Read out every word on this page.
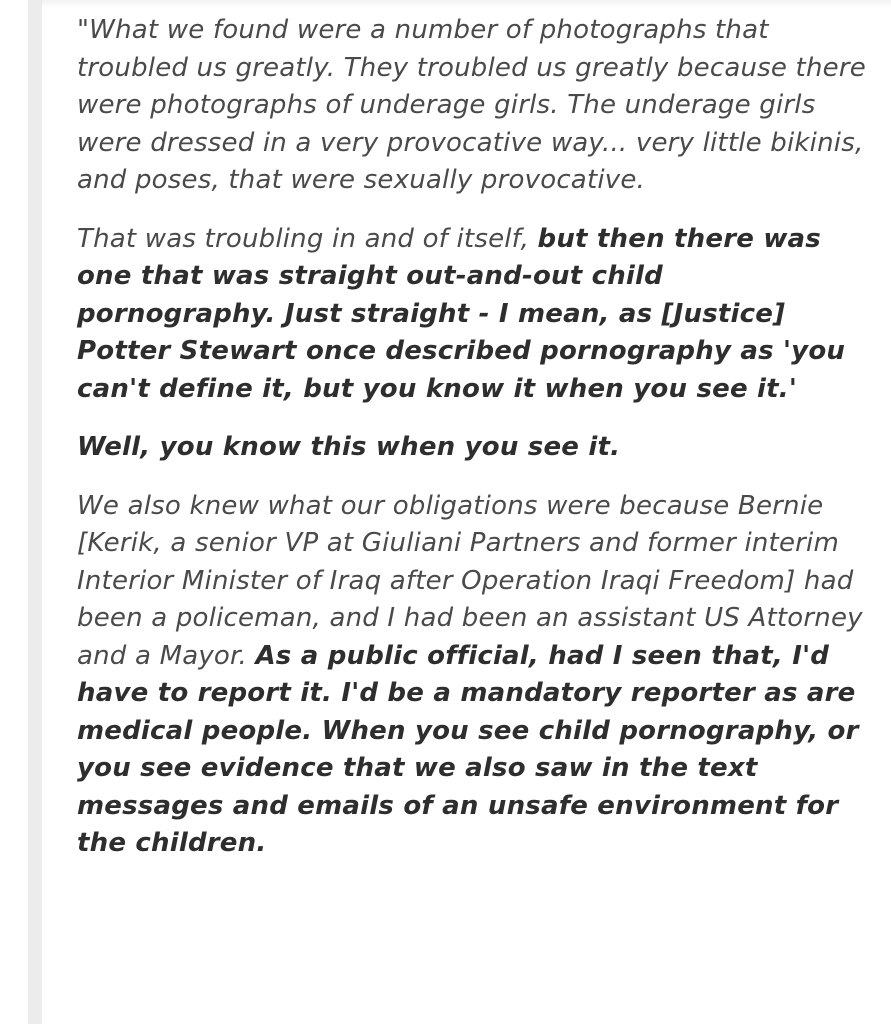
"What we found were a number of photographs that troubled us greatly. They troubled us greatly because there were photographs of underage girls. The underage girls were dressed in a very provocative way... very little bikinis, and poses, that were sexually provocative.

That was troubling in and of itself, but then there was one that was straight out-and-out child pornography. Just straight - I mean, as [Justice] Potter Stewart once described pornography as 'you can't define it, but you know it when you see it.'

Well, you know this when you see it.

We also knew what our obligations were because Bernie [Kerik, a senior VP at Giuliani Partners and former interim Interior Minister of Iraq after Operation Iraqi Freedom] had been a policeman, and I had been an assistant US Attorney and a Mayor. As a public official, had I seen that, I'd have to report it. I'd be a mandatory reporter as are medical people. When you see child pornography, or you see evidence that we also saw in the text messages and emails of an unsafe environment for the children.
